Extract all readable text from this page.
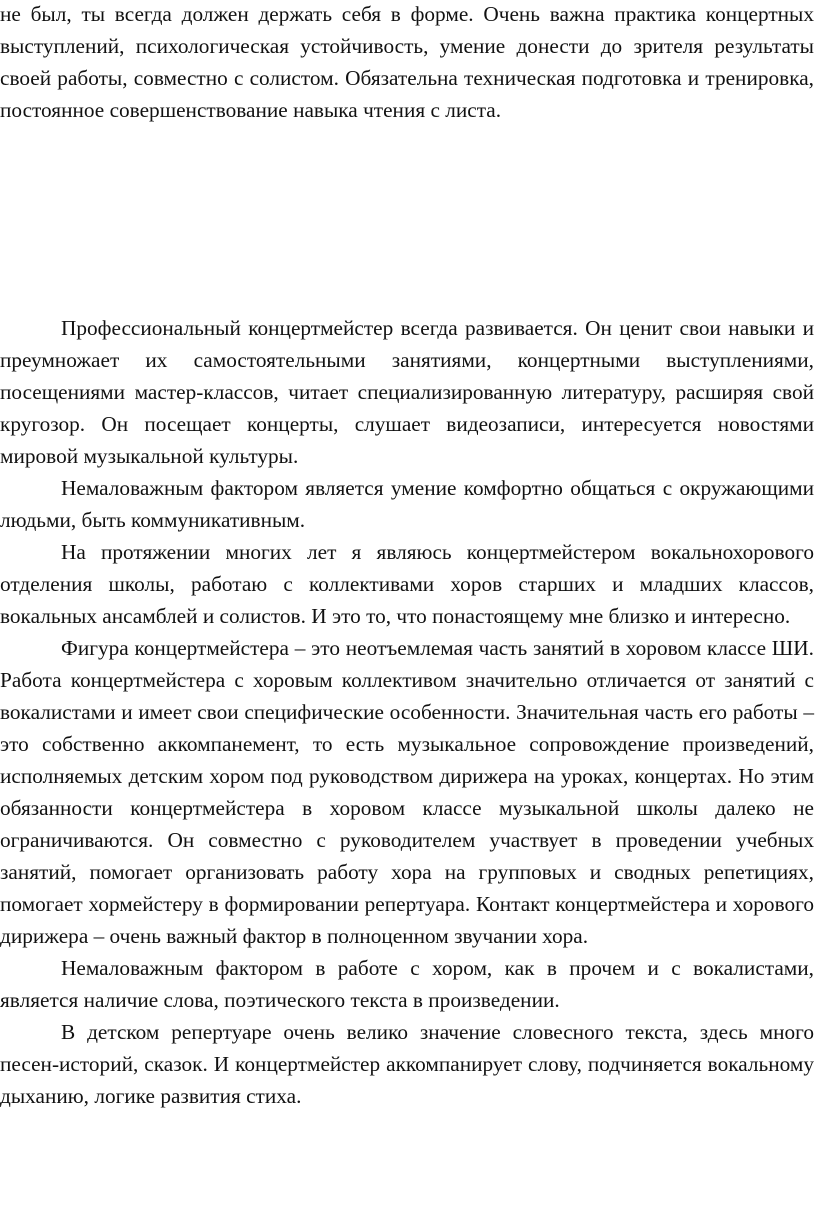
не был, ты всегда должен держать себя в форме. Очень важна практика концертных выступлений, психологическая устойчивость, умение донести до зрителя результаты своей работы, совместно с солистом. Обязательна техническая подготовка и тренировка, постоянное совершенствование навыка чтения с листа.

Профессиональный концертмейстер всегда развивается. Он ценит свои навыки и преумножает их самостоятельными занятиями, концертными выступлениями, посещениями мастер-классов, читает специализированную литературу, расширяя свой кругозор. Он посещает концерты, слушает видеозаписи, интересуется новостями мировой музыкальной культуры.

Немаловажным фактором является умение комфортно общаться с окружающими людьми, быть коммуникативным.

На протяжении многих лет я являюсь концертмейстером вокальнохорового отделения школы, работаю с коллективами хоров старших и младших классов, вокальных ансамблей и солистов. И это то, что понастоящему мне близко и интересно.

Фигура концертмейстера – это неотъемлемая часть занятий в хоровом классе ШИ. Работа концертмейстера с хоровым коллективом значительно отличается от занятий с вокалистами и имеет свои специфические особенности. Значительная часть его работы – это собственно аккомпанемент, то есть музыкальное сопровождение произведений, исполняемых детским хором под руководством дирижера на уроках, концертах. Но этим обязанности концертмейстера в хоровом классе музыкальной школы далеко не ограничиваются. Он совместно с руководителем участвует в проведении учебных занятий, помогает организовать работу хора на групповых и сводных репетициях, помогает хормейстеру в формировании репертуара. Контакт концертмейстера и хорового дирижера – очень важный фактор в полноценном звучании хора.

Немаловажным фактором в работе с хором, как в прочем и с вокалистами, является наличие слова, поэтического текста в произведении.

В детском репертуаре очень велико значение словесного текста, здесь много песен-историй, сказок. И концертмейстер аккомпанирует слову, подчиняется вокальному дыханию, логике развития стиха.
